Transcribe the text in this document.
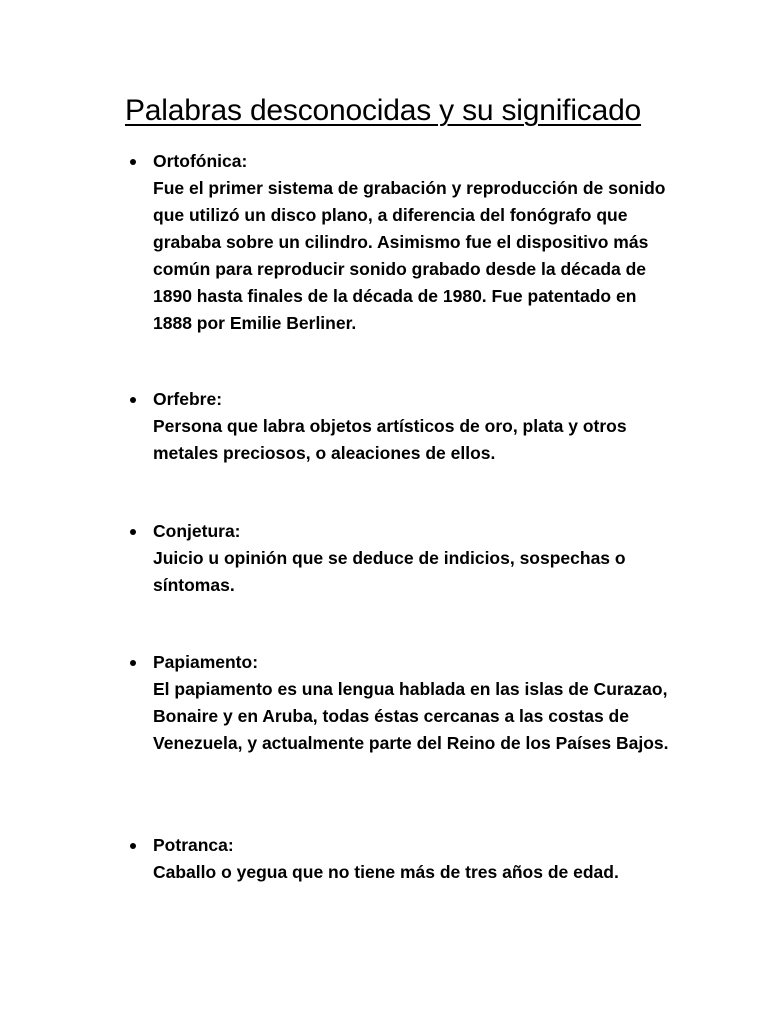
Palabras desconocidas y su significado
Ortofónica:
Fue el primer sistema de grabación y reproducción de sonido que utilizó un disco plano, a diferencia del fonógrafo que grababa sobre un cilindro. Asimismo fue el dispositivo más común para reproducir sonido grabado desde la década de 1890 hasta finales de la década de 1980. Fue patentado en 1888 por Emilie Berliner.
Orfebre:
Persona que labra objetos artísticos de oro, plata y otros metales preciosos, o aleaciones de ellos.
Conjetura:
Juicio u opinión que se deduce de indicios, sospechas o síntomas.
Papiamento:
El papiamento es una lengua hablada en las islas de Curazao, Bonaire y en Aruba, todas éstas cercanas a las costas de Venezuela, y actualmente parte del Reino de los Países Bajos.
Potranca:
Caballo o yegua que no tiene más de tres años de edad.
